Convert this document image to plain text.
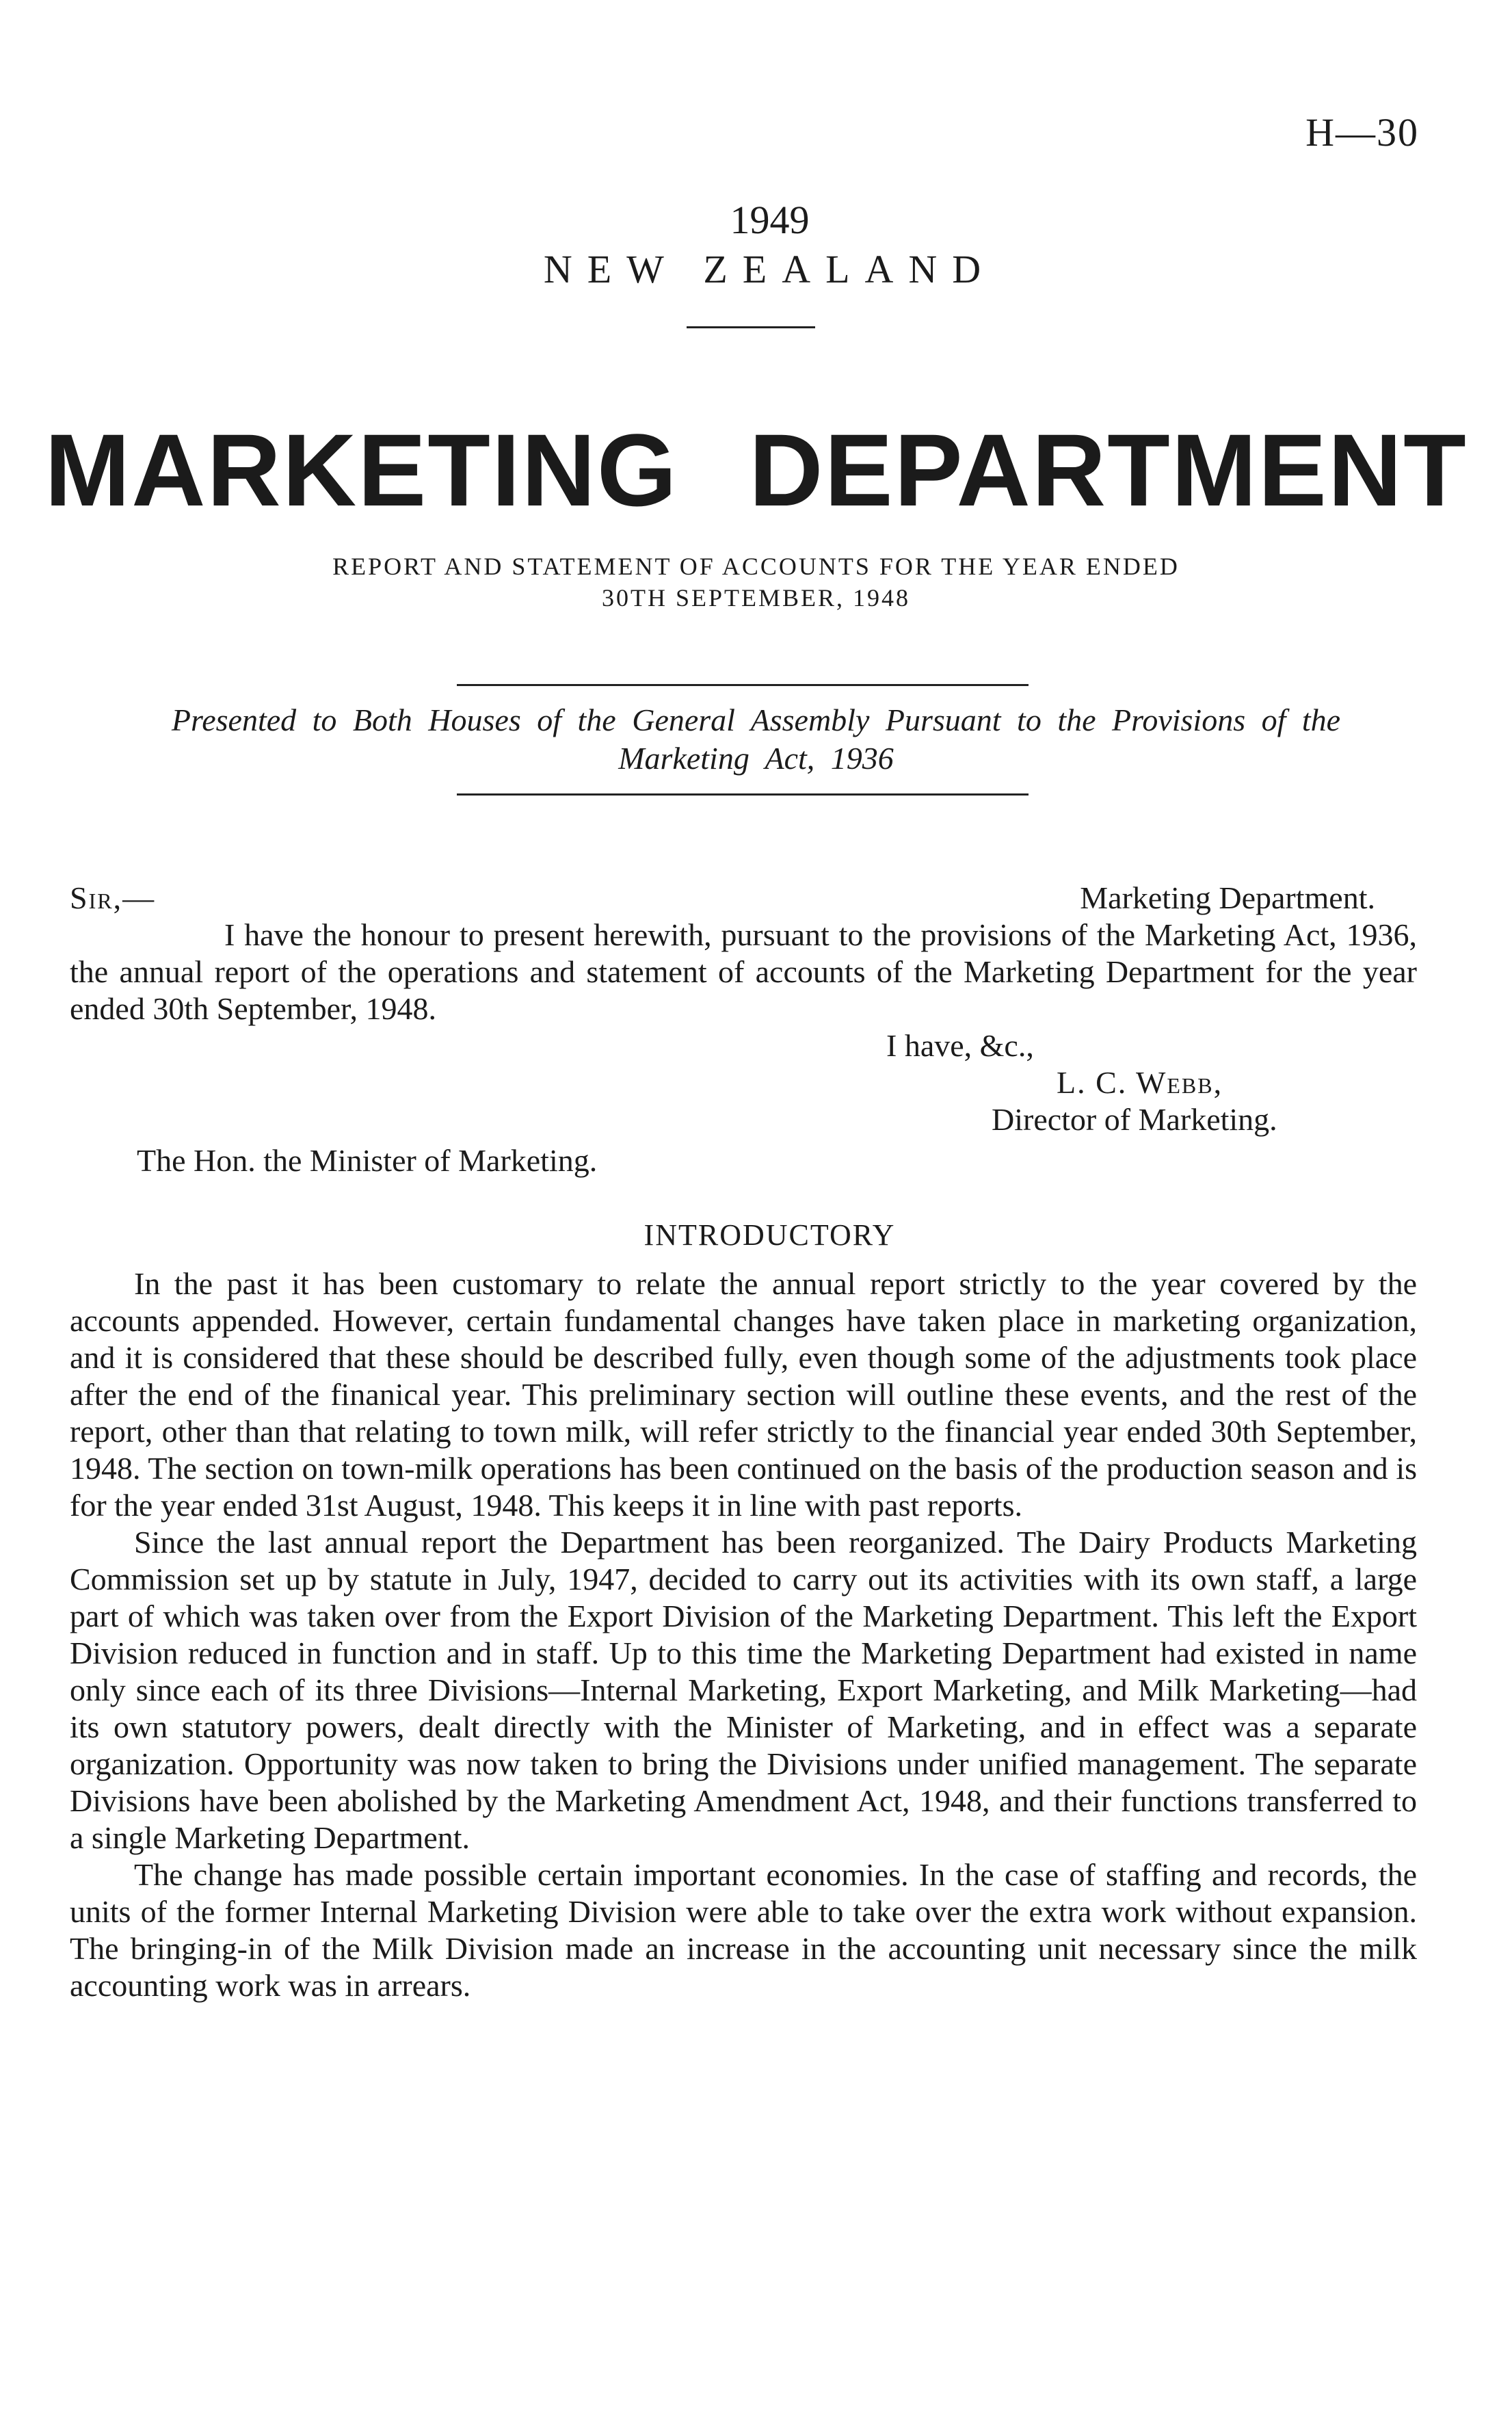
H—30
1949
NEW ZEALAND
MARKETING DEPARTMENT
REPORT AND STATEMENT OF ACCOUNTS FOR THE YEAR ENDED
30TH SEPTEMBER, 1948
Presented to Both Houses of the General Assembly Pursuant to the Provisions of the
Marketing Act, 1936
Sir,—	Marketing Department.

I have the honour to present herewith, pursuant to the provisions of the Marketing Act, 1936, the annual report of the operations and statement of accounts of the Marketing Department for the year ended 30th September, 1948.

I have, &c.,
L. C. Webb,
Director of Marketing.
The Hon. the Minister of Marketing.
INTRODUCTORY

In the past it has been customary to relate the annual report strictly to the year covered by the accounts appended. However, certain fundamental changes have taken place in marketing organization, and it is considered that these should be described fully, even though some of the adjustments took place after the end of the finanical year. This preliminary section will outline these events, and the rest of the report, other than that relating to town milk, will refer strictly to the financial year ended 30th September, 1948. The section on town-milk operations has been continued on the basis of the production season and is for the year ended 31st August, 1948. This keeps it in line with past reports.

Since the last annual report the Department has been reorganized. The Dairy Products Marketing Commission set up by statute in July, 1947, decided to carry out its activities with its own staff, a large part of which was taken over from the Export Division of the Marketing Department. This left the Export Division reduced in function and in staff. Up to this time the Marketing Department had existed in name only since each of its three Divisions—Internal Marketing, Export Marketing, and Milk Marketing—had its own statutory powers, dealt directly with the Minister of Marketing, and in effect was a separate organization. Opportunity was now taken to bring the Divisions under unified management. The separate Divisions have been abolished by the Marketing Amendment Act, 1948, and their functions transferred to a single Marketing Department.

The change has made possible certain important economies. In the case of staffing and records, the units of the former Internal Marketing Division were able to take over the extra work without expansion. The bringing-in of the Milk Division made an increase in the accounting unit necessary since the milk accounting work was in arrears.
